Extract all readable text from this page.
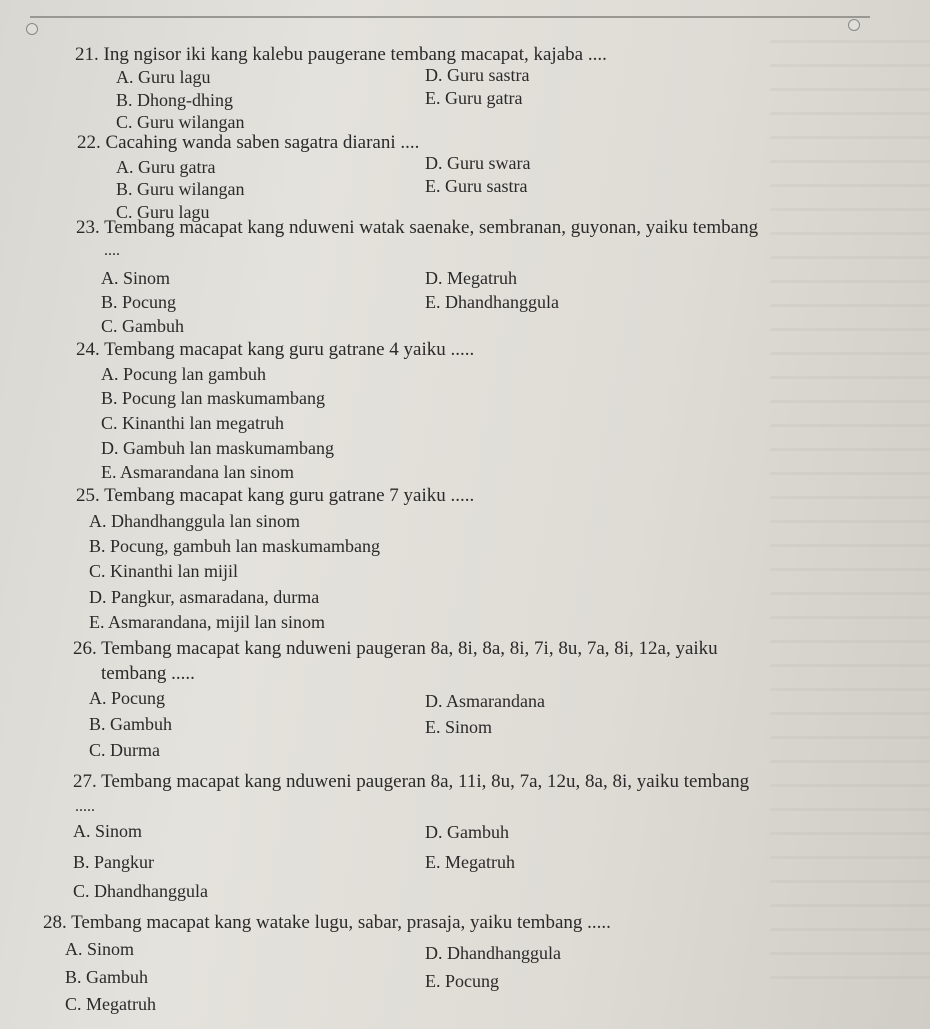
21. Ing ngisor iki kang kalebu paugerane tembang macapat, kajaba ....
A. Guru lagu	D. Guru sastra
B. Dhong-dhing	E. Guru gatra
C. Guru wilangan
22. Cacahing wanda saben sagatra diarani ....
A. Guru gatra	D. Guru swara
B. Guru wilangan	E. Guru sastra
C. Guru lagu
23. Tembang macapat kang nduweni watak saenake, sembranan, guyonan, yaiku tembang
....
A. Sinom	D. Megatruh
B. Pocung	E. Dhandhanggula
C. Gambuh
24. Tembang macapat kang guru gatrane 4 yaiku .....
A. Pocung lan gambuh
B. Pocung lan maskumambang
C. Kinanthi lan megatruh
D. Gambuh lan maskumambang
E. Asmarandana lan sinom
25. Tembang macapat kang guru gatrane 7 yaiku .....
A. Dhandhanggula lan sinom
B. Pocung, gambuh lan maskumambang
C. Kinanthi lan mijil
D. Pangkur, asmaradana, durma
E. Asmarandana, mijil lan sinom
26. Tembang macapat kang nduweni paugeran 8a, 8i, 8a, 8i, 7i, 8u, 7a, 8i, 12a, yaiku
tembang .....
A. Pocung	D. Asmarandana
B. Gambuh	E. Sinom
C. Durma
27. Tembang macapat kang nduweni paugeran 8a, 11i, 8u, 7a, 12u, 8a, 8i, yaiku tembang
.....
A. Sinom	D. Gambuh
B. Pangkur	E. Megatruh
C. Dhandhanggula
28. Tembang macapat kang watake lugu, sabar, prasaja, yaiku tembang .....
A. Sinom	D. Dhandhanggula
B. Gambuh	E. Pocung
C. Megatruh
